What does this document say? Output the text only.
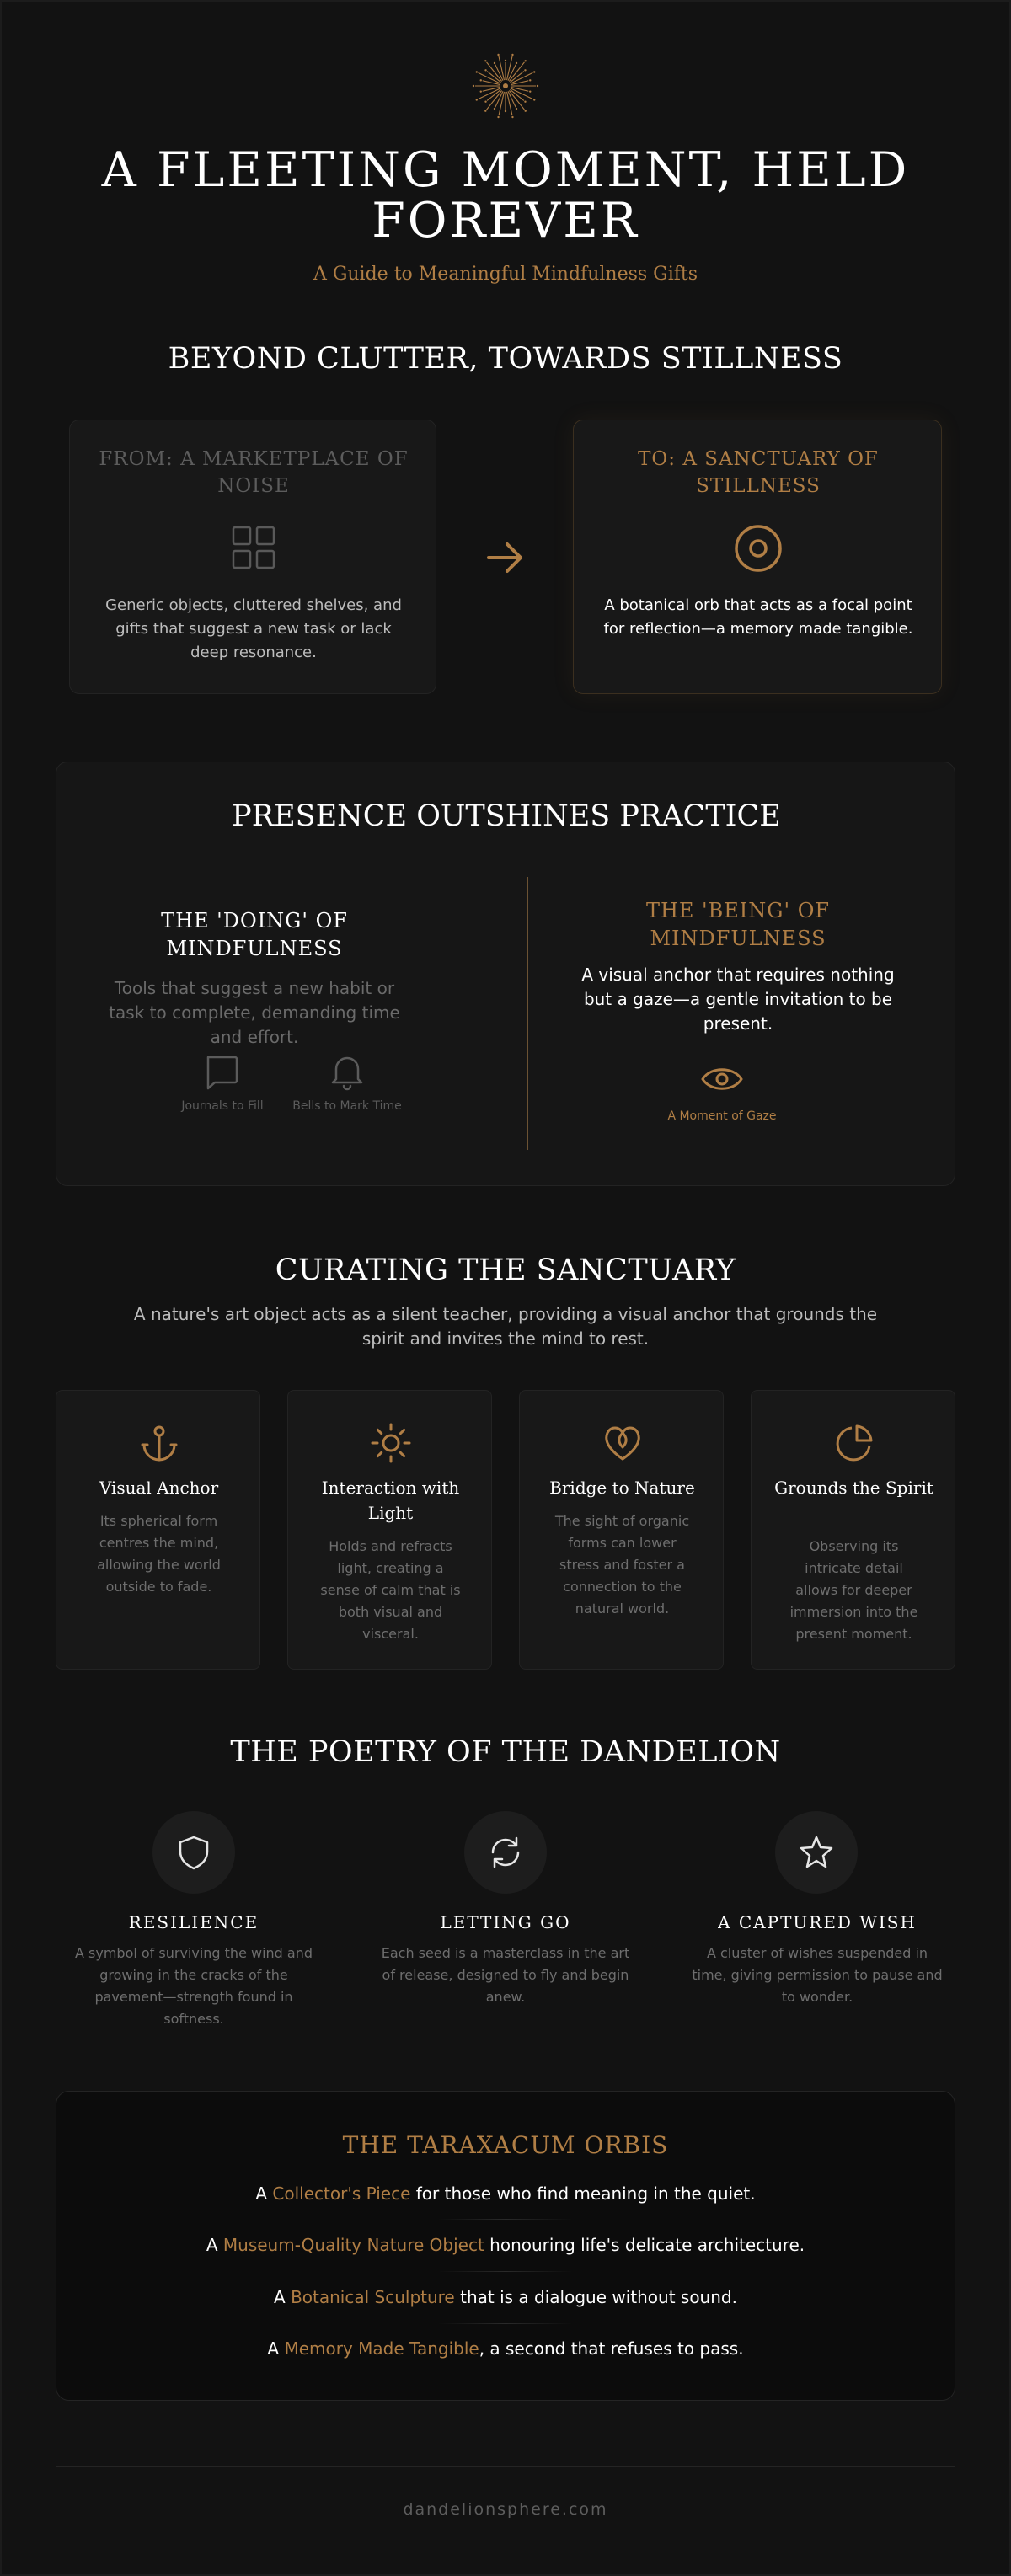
A FLEETING MOMENT, HELD FOREVER
A Guide to Meaningful Mindfulness Gifts
BEYOND CLUTTER, TOWARDS STILLNESS
FROM: A MARKETPLACE OF NOISE
Generic objects, cluttered shelves, and gifts that suggest a new task or lack deep resonance.
TO: A SANCTUARY OF STILLNESS
A botanical orb that acts as a focal point for reflection—a memory made tangible.
PRESENCE OUTSHINES PRACTICE
THE 'DOING' OF MINDFULNESS
Tools that suggest a new habit or task to complete, demanding time and effort.
Journals to Fill	Bells to Mark Time
THE 'BEING' OF MINDFULNESS
A visual anchor that requires nothing but a gaze—a gentle invitation to be present.
A Moment of Gaze
CURATING THE SANCTUARY
A nature's art object acts as a silent teacher, providing a visual anchor that grounds the spirit and invites the mind to rest.
Visual Anchor
Its spherical form centres the mind, allowing the world outside to fade.
Interaction with Light
Holds and refracts light, creating a sense of calm that is both visual and visceral.
Bridge to Nature
The sight of organic forms can lower stress and foster a connection to the natural world.
Grounds the Spirit
Observing its intricate detail allows for deeper immersion into the present moment.
THE POETRY OF THE DANDELION
RESILIENCE
A symbol of surviving the wind and growing in the cracks of the pavement—strength found in softness.
LETTING GO
Each seed is a masterclass in the art of release, designed to fly and begin anew.
A CAPTURED WISH
A cluster of wishes suspended in time, giving permission to pause and to wonder.
THE TARAXACUM ORBIS
A Collector's Piece for those who find meaning in the quiet.
A Museum-Quality Nature Object honouring life's delicate architecture.
A Botanical Sculpture that is a dialogue without sound.
A Memory Made Tangible, a second that refuses to pass.
dandelionsphere.com
